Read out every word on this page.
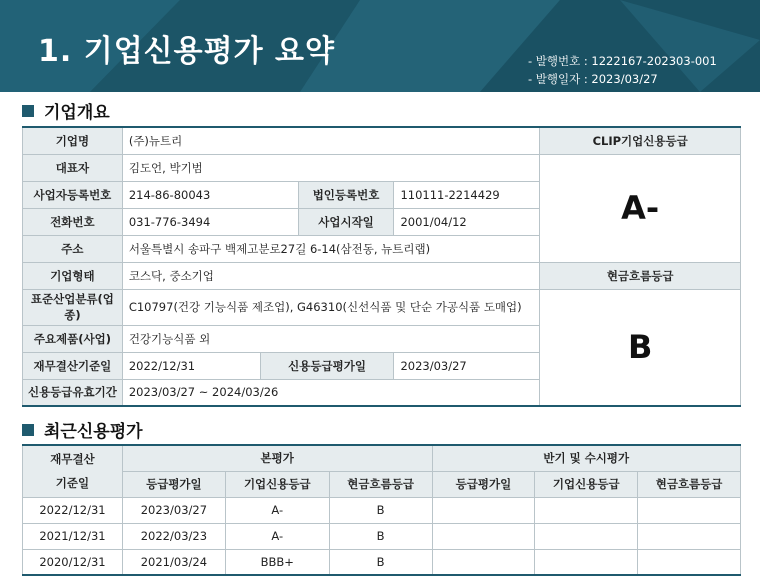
1. 기업신용평가 요약	- 발행번호 : 1222167-202303-001
- 발행일자 : 2023/03/27
기업개요
기업명	(주)뉴트리				CLIP기업신용등급
대표자	김도언, 박기범				A-
사업자등록번호	214-86-80043		법인등록번호	110111-2214429	
전화번호	031-776-3494		사업시작일	2001/04/12	
주소	서울특별시 송파구 백제고분로27길 6-14(삼전동, 뉴트리랩)				
기업형태	코스닥, 중소기업				현금흐름등급
표준산업분류(업종)	C10797(건강 기능식품 제조업), G46310(신선식품 및 단순 가공식품 도매업)				B
주요제품(사업)	건강기능식품 외				
재무결산기준일	2022/12/31	신용등급평가일		2023/03/27	
신용등급유효기간	2023/03/27 ~ 2024/03/26				
최근신용평가
재무결산
기준일	본평가			반기 및 수시평가		
	등급평가일	기업신용등급	현금흐름등급	등급평가일	기업신용등급	현금흐름등급
2022/12/31	2023/03/27	A-	B			
2021/12/31	2022/03/23	A-	B			
2020/12/31	2021/03/24	BBB+	B			
